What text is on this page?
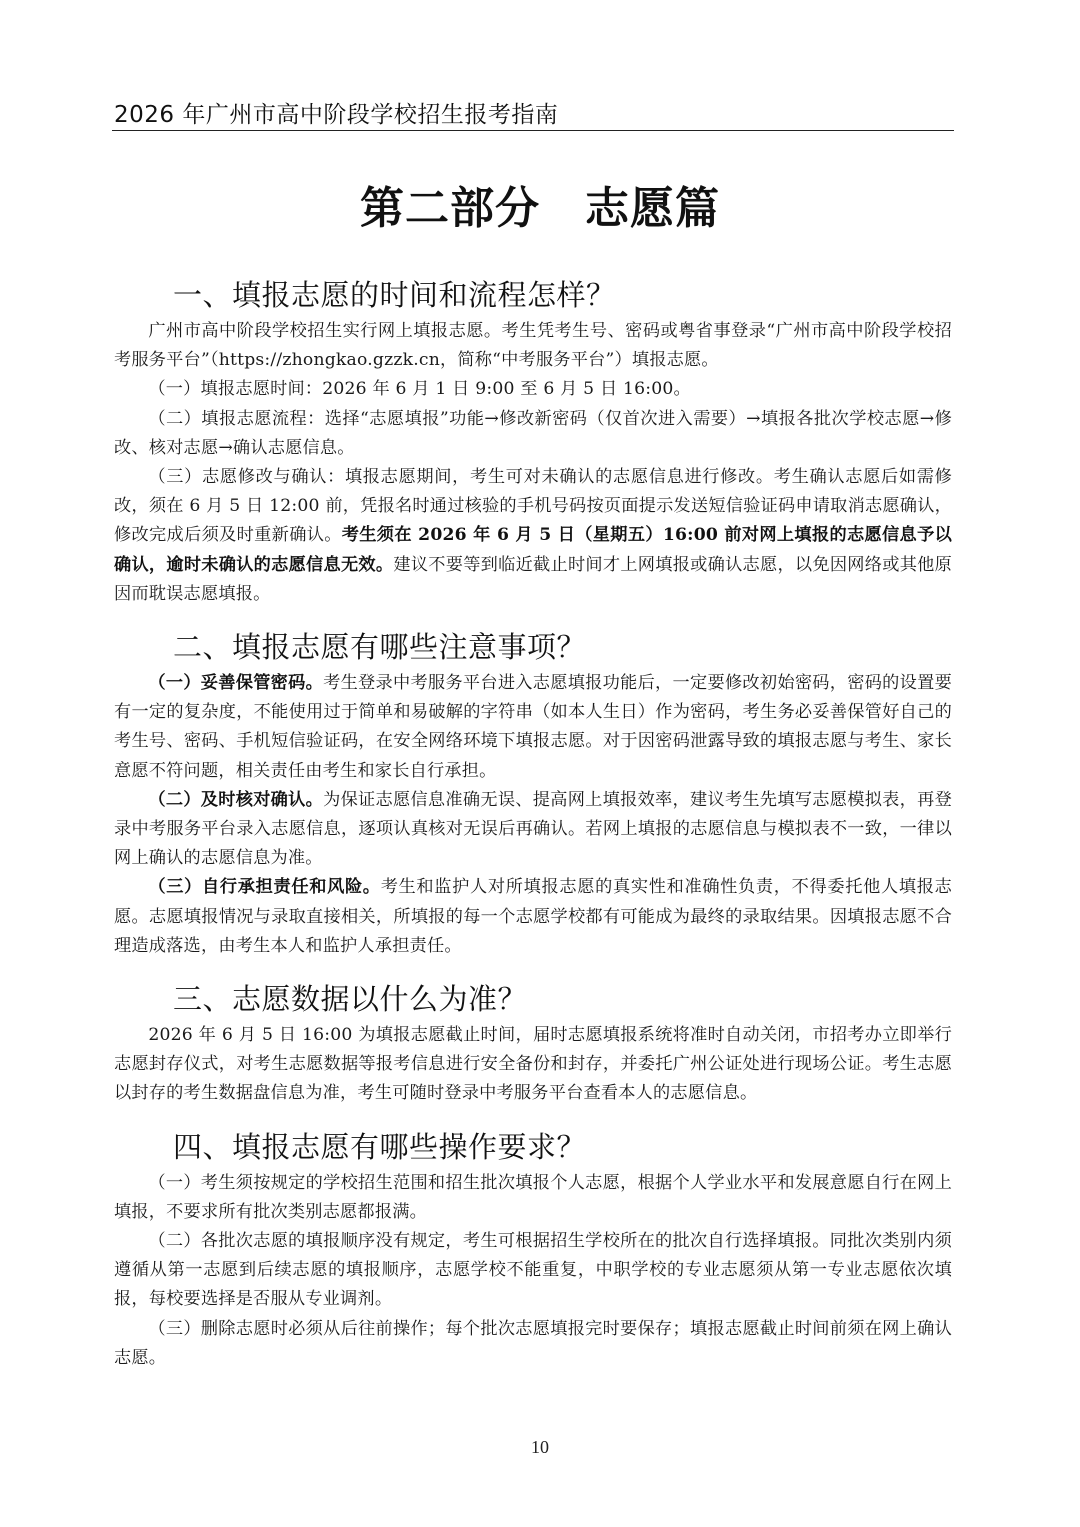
2026 年广州市高中阶段学校招生报考指南
第二部分　志愿篇
一、填报志愿的时间和流程怎样？

广州市高中阶段学校招生实行网上填报志愿。考生凭考生号、密码或粤省事登录“广州市高中阶段学校招考服务平台”（https://zhongkao.gzzk.cn，简称“中考服务平台”）填报志愿。

（一）填报志愿时间：2026 年 6 月 1 日 9:00 至 6 月 5 日 16:00。

（二）填报志愿流程：选择“志愿填报”功能→修改新密码（仅首次进入需要）→填报各批次学校志愿→修改、核对志愿→确认志愿信息。

（三）志愿修改与确认：填报志愿期间，考生可对未确认的志愿信息进行修改。考生确认志愿后如需修改，须在 6 月 5 日 12:00 前，凭报名时通过核验的手机号码按页面提示发送短信验证码申请取消志愿确认，修改完成后须及时重新确认。考生须在 2026 年 6 月 5 日（星期五）16:00 前对网上填报的志愿信息予以确认，逾时未确认的志愿信息无效。建议不要等到临近截止时间才上网填报或确认志愿，以免因网络或其他原因而耽误志愿填报。

二、填报志愿有哪些注意事项？

（一）妥善保管密码。考生登录中考服务平台进入志愿填报功能后，一定要修改初始密码，密码的设置要有一定的复杂度，不能使用过于简单和易破解的字符串（如本人生日）作为密码，考生务必妥善保管好自己的考生号、密码、手机短信验证码，在安全网络环境下填报志愿。对于因密码泄露导致的填报志愿与考生、家长意愿不符问题，相关责任由考生和家长自行承担。

（二）及时核对确认。为保证志愿信息准确无误、提高网上填报效率，建议考生先填写志愿模拟表，再登录中考服务平台录入志愿信息，逐项认真核对无误后再确认。若网上填报的志愿信息与模拟表不一致，一律以网上确认的志愿信息为准。

（三）自行承担责任和风险。考生和监护人对所填报志愿的真实性和准确性负责，不得委托他人填报志愿。志愿填报情况与录取直接相关，所填报的每一个志愿学校都有可能成为最终的录取结果。因填报志愿不合理造成落选，由考生本人和监护人承担责任。

三、志愿数据以什么为准？

2026 年 6 月 5 日 16:00 为填报志愿截止时间，届时志愿填报系统将准时自动关闭，市招考办立即举行志愿封存仪式，对考生志愿数据等报考信息进行安全备份和封存，并委托广州公证处进行现场公证。考生志愿以封存的考生数据盘信息为准，考生可随时登录中考服务平台查看本人的志愿信息。

四、填报志愿有哪些操作要求？

（一）考生须按规定的学校招生范围和招生批次填报个人志愿，根据个人学业水平和发展意愿自行在网上填报，不要求所有批次类别志愿都报满。

（二）各批次志愿的填报顺序没有规定，考生可根据招生学校所在的批次自行选择填报。同批次类别内须遵循从第一志愿到后续志愿的填报顺序，志愿学校不能重复，中职学校的专业志愿须从第一专业志愿依次填报，每校要选择是否服从专业调剂。

（三）删除志愿时必须从后往前操作；每个批次志愿填报完时要保存；填报志愿截止时间前须在网上确认志愿。

10
